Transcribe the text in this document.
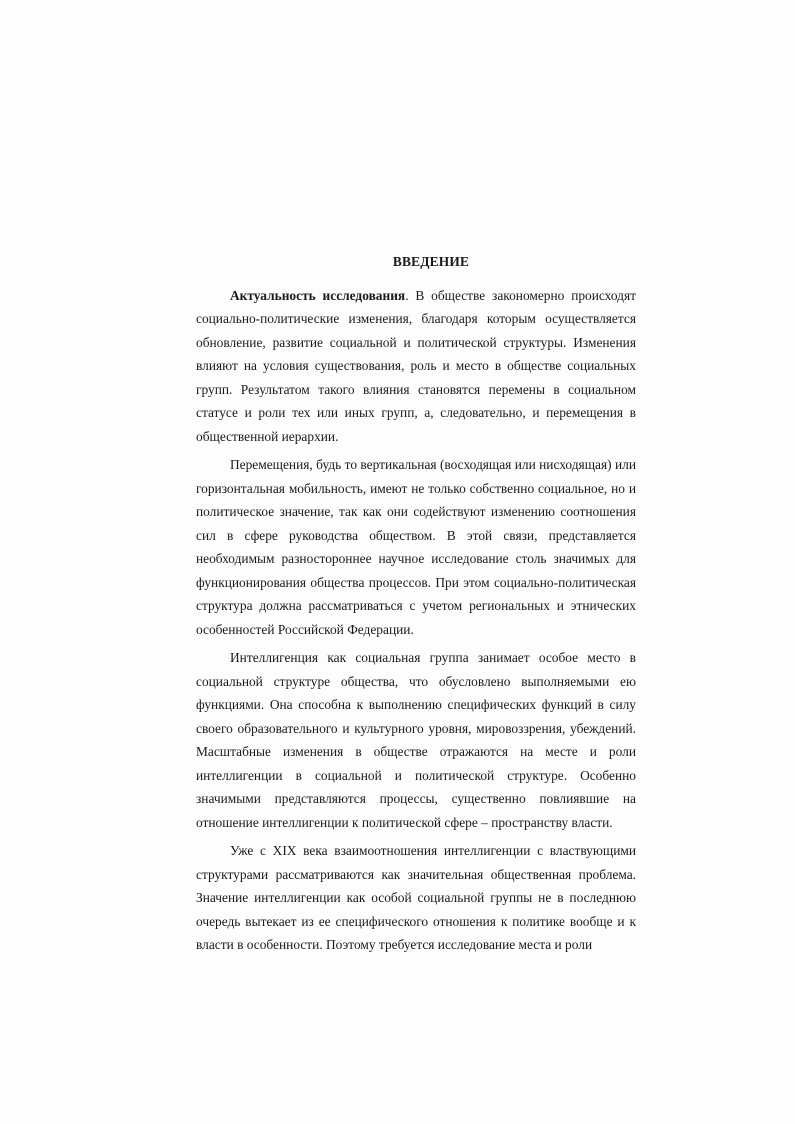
ВВЕДЕНИЕ

Актуальность исследования. В обществе закономерно происходят социально-политические изменения, благодаря которым осуществляется обновление, развитие социальной и политической структуры. Изменения влияют на условия существования, роль и место в обществе социальных групп. Результатом такого влияния становятся перемены в социальном статусе и роли тех или иных групп, а, следовательно, и перемещения в общественной иерархии.

Перемещения, будь то вертикальная (восходящая или нисходящая) или горизонтальная мобильность, имеют не только собственно социальное, но и политическое значение, так как они содействуют изменению соотношения сил в сфере руководства обществом. В этой связи, представляется необходимым разностороннее научное исследование столь значимых для функционирования общества процессов. При этом социально-политическая структура должна рассматриваться с учетом региональных и этнических особенностей Российской Федерации.

Интеллигенция как социальная группа занимает особое место в социальной структуре общества, что обусловлено выполняемыми ею функциями. Она способна к выполнению специфических функций в силу своего образовательного и культурного уровня, мировоззрения, убеждений. Масштабные изменения в обществе отражаются на месте и роли интеллигенции в социальной и политической структуре. Особенно значимыми представляются процессы, существенно повлиявшие на отношение интеллигенции к политической сфере – пространству власти.

Уже с XIX века взаимоотношения интеллигенции с властвующими структурами рассматриваются как значительная общественная проблема. Значение интеллигенции как особой социальной группы не в последнюю очередь вытекает из ее специфического отношения к политике вообще и к власти в особенности. Поэтому требуется исследование места и роли
